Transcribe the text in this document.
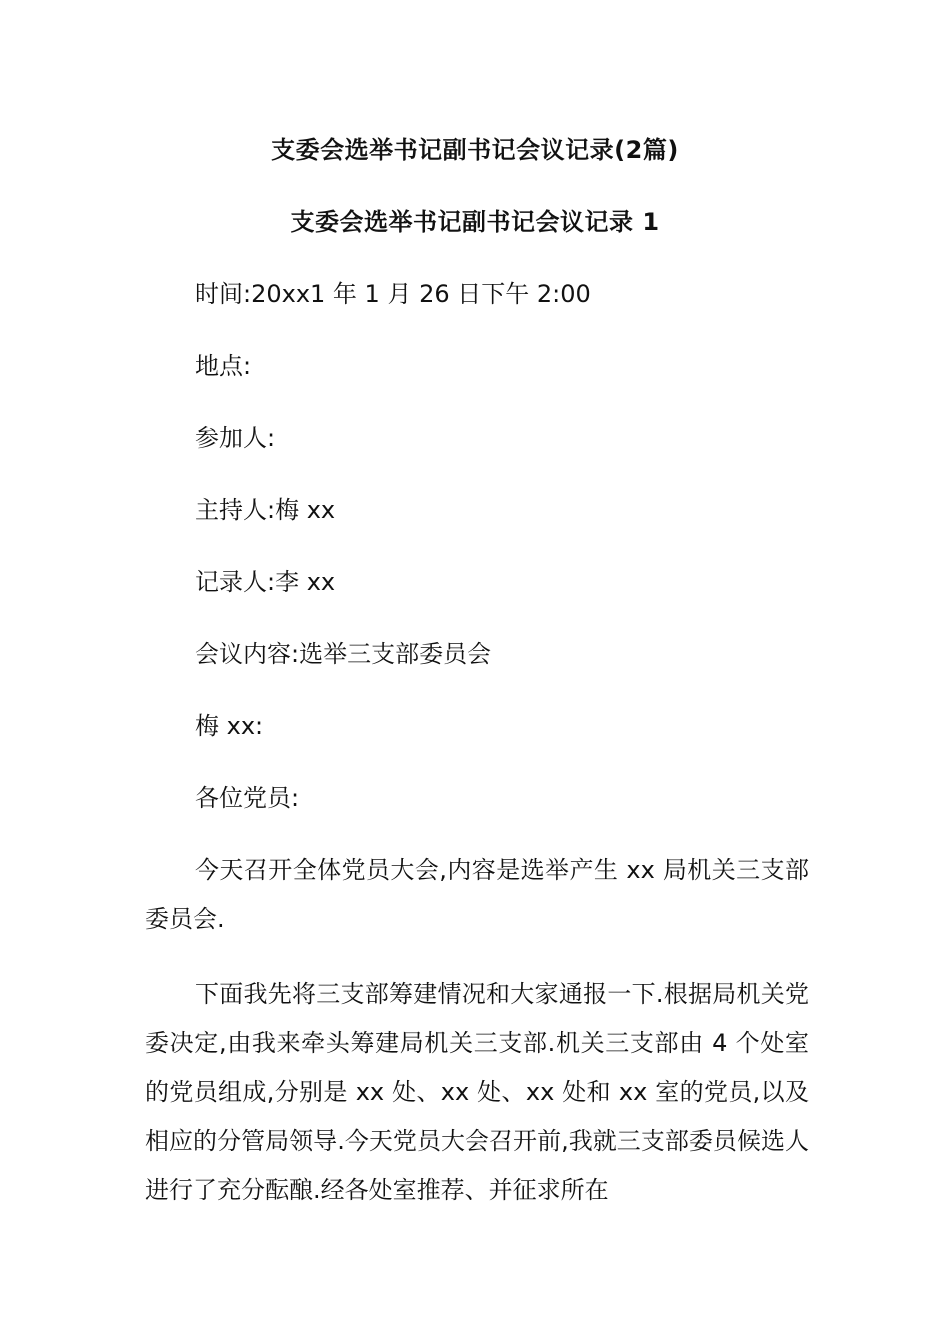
支委会选举书记副书记会议记录(2篇)
支委会选举书记副书记会议记录 1
时间:20xx1 年 1 月 26 日下午 2:00
地点:
参加人:
主持人:梅 xx
记录人:李 xx
会议内容:选举三支部委员会
梅 xx:
各位党员:

今天召开全体党员大会,内容是选举产生 xx 局机关三支部委员会.

下面我先将三支部筹建情况和大家通报一下.根据局机关党委决定,由我来牵头筹建局机关三支部.机关三支部由 4 个处室的党员组成,分别是 xx 处、xx 处、xx 处和 xx 室的党员,以及相应的分管局领导.今天党员大会召开前,我就三支部委员候选人进行了充分酝酿.经各处室推荐、并征求所在
